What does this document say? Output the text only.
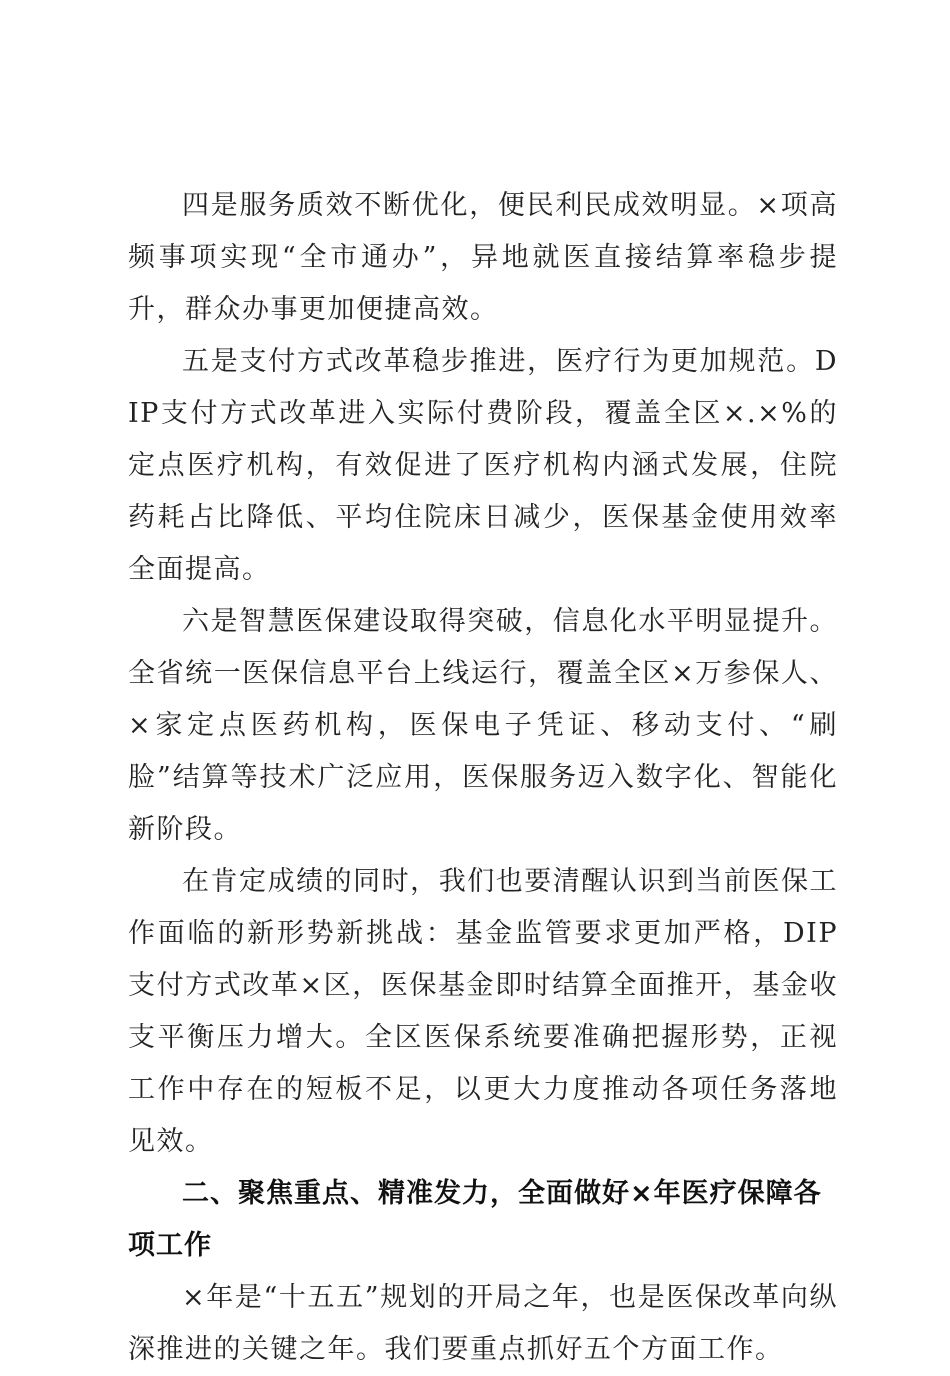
四是服务质效不断优化，便民利民成效明显。×项高频事项实现“全市通办”，异地就医直接结算率稳步提升，群众办事更加便捷高效。

五是支付方式改革稳步推进，医疗行为更加规范。DIP支付方式改革进入实际付费阶段，覆盖全区×.×%的定点医疗机构，有效促进了医疗机构内涵式发展，住院药耗占比降低、平均住院床日减少，医保基金使用效率全面提高。

六是智慧医保建设取得突破，信息化水平明显提升。全省统一医保信息平台上线运行，覆盖全区×万参保人、×家定点医药机构，医保电子凭证、移动支付、“刷脸”结算等技术广泛应用，医保服务迈入数字化、智能化新阶段。

在肯定成绩的同时，我们也要清醒认识到当前医保工作面临的新形势新挑战：基金监管要求更加严格，DIP支付方式改革×区，医保基金即时结算全面推开，基金收支平衡压力增大。全区医保系统要准确把握形势，正视工作中存在的短板不足，以更大力度推动各项任务落地见效。

二、聚焦重点、精准发力，全面做好×年医疗保障各项工作

×年是“十五五”规划的开局之年，也是医保改革向纵深推进的关键之年。我们要重点抓好五个方面工作。
